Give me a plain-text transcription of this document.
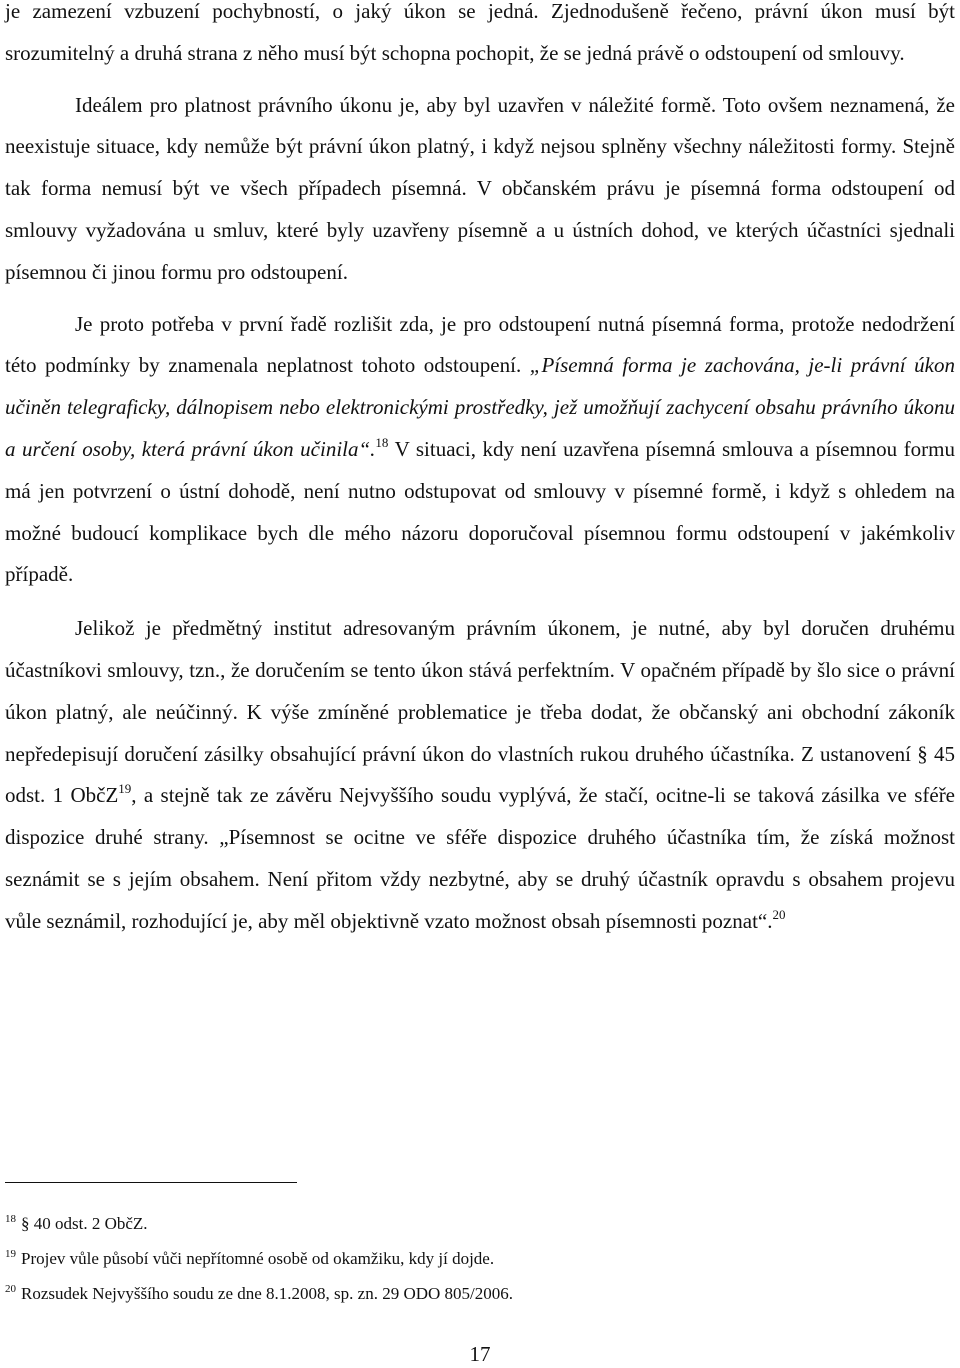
je zamezení vzbuzení pochybností, o jaký úkon se jedná. Zjednodušeně řečeno, právní úkon musí být srozumitelný a druhá strana z něho musí být schopna pochopit, že se jedná právě o odstoupení od smlouvy.

Ideálem pro platnost právního úkonu je, aby byl uzavřen v náležité formě. Toto ovšem neznamená, že neexistuje situace, kdy nemůže být právní úkon platný, i když nejsou splněny všechny náležitosti formy. Stejně tak forma nemusí být ve všech případech písemná. V občanském právu je písemná forma odstoupení od smlouvy vyžadována u smluv, které byly uzavřeny písemně a u ústních dohod, ve kterých účastníci sjednali písemnou či jinou formu pro odstoupení.

Je proto potřeba v první řadě rozlišit zda, je pro odstoupení nutná písemná forma, protože nedodržení této podmínky by znamenala neplatnost tohoto odstoupení. „Písemná forma je zachována, je-li právní úkon učiněn telegraficky, dálnopisem nebo elektronickými prostředky, jež umožňují zachycení obsahu právního úkonu a určení osoby, která právní úkon učinila“.$^{18}$ V situaci, kdy není uzavřena písemná smlouva a písemnou formu má jen potvrzení o ústní dohodě, není nutno odstupovat od smlouvy v písemné formě, i když s ohledem na možné budoucí komplikace bych dle mého názoru doporučoval písemnou formu odstoupení v jakémkoliv případě.

Jelikož je předmětný institut adresovaným právním úkonem, je nutné, aby byl doručen druhému účastníkovi smlouvy, tzn., že doručením se tento úkon stává perfektním. V opačném případě by šlo sice o právní úkon platný, ale neúčinný. K výše zmíněné problematice je třeba dodat, že občanský ani obchodní zákoník nepředepisují doručení zásilky obsahující právní úkon do vlastních rukou druhého účastníka. Z ustanovení § 45 odst. 1 ObčZ$^{19}$, a stejně tak ze závěru Nejvyššího soudu vyplývá, že stačí, ocitne-li se taková zásilka ve sféře dispozice druhé strany. „Písemnost se ocitne ve sféře dispozice druhého účastníka tím, že získá možnost seznámit se s jejím obsahem. Není přitom vždy nezbytné, aby se druhý účastník opravdu s obsahem projevu vůle seznámil, rozhodující je, aby měl objektivně vzato možnost obsah písemnosti poznat“.$^{20}$

$^{18}$ § 40 odst. 2 ObčZ.

$^{19}$ Projev vůle působí vůči nepřítomné osobě od okamžiku, kdy jí dojde.

$^{20}$ Rozsudek Nejvyššího soudu ze dne 8.1.2008, sp. zn. 29 ODO 805/2006.

17
